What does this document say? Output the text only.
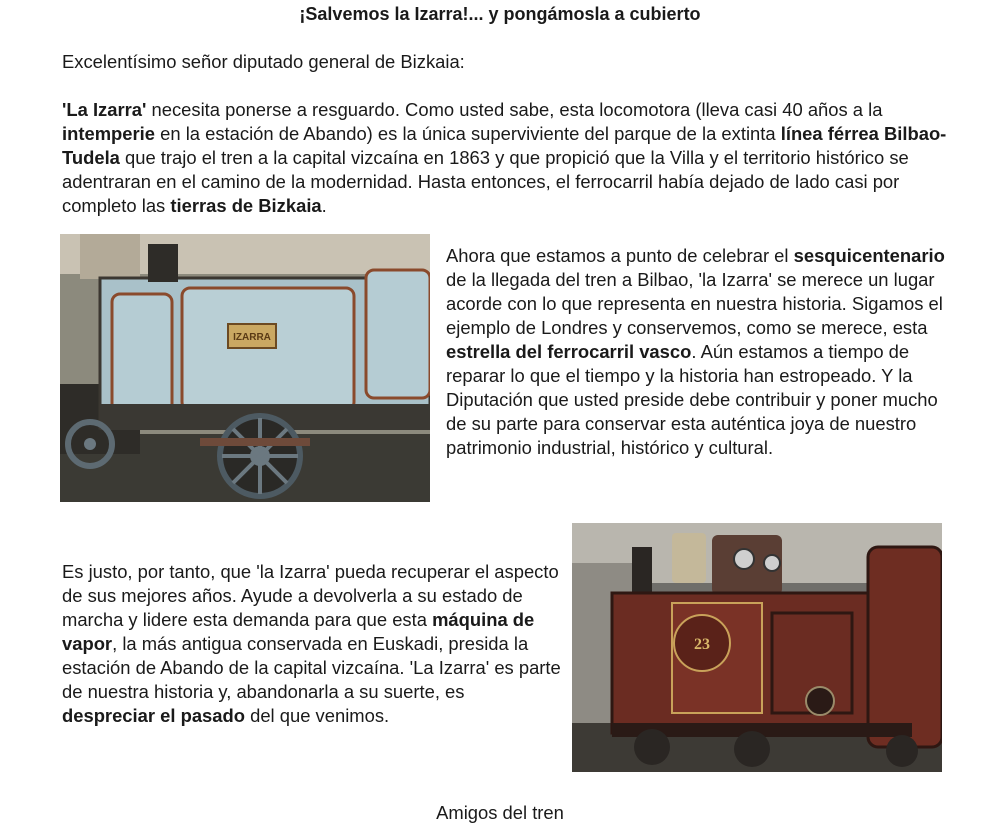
¡Salvemos la Izarra!... y pongámosla a cubierto
Excelentísimo señor diputado general de Bizkaia:
'La Izarra' necesita ponerse a resguardo. Como usted sabe, esta locomotora (lleva casi 40 años a la intemperie en la estación de Abando) es la única superviviente del parque de la extinta línea férrea Bilbao-Tudela que trajo el tren a la capital vizcaína en 1863 y que propició que la Villa y el territorio histórico se adentraran en el camino de la modernidad. Hasta entonces, el ferrocarril había dejado de lado casi por completo las tierras de Bizkaia.
IZARRA
Ahora que estamos a punto de celebrar el sesquicentenario de la llegada del tren a Bilbao, 'la Izarra' se merece un lugar acorde con lo que representa en nuestra historia. Sigamos el ejemplo de Londres y conservemos, como se merece, esta estrella del ferrocarril vasco. Aún estamos a tiempo de reparar lo que el tiempo y la historia han estropeado. Y la Diputación que usted preside debe contribuir y poner mucho de su parte para conservar esta auténtica joya de nuestro patrimonio industrial, histórico y cultural.
23
Es justo, por tanto, que 'la Izarra' pueda recuperar el aspecto de sus mejores años. Ayude a devolverla a su estado de marcha y lidere esta demanda para que esta máquina de vapor, la más antigua conservada en Euskadi, presida la estación de Abando de la capital vizcaína. 'La Izarra' es parte de nuestra historia y, abandonarla a su suerte, es despreciar el pasado del que venimos.
Amigos del tren
